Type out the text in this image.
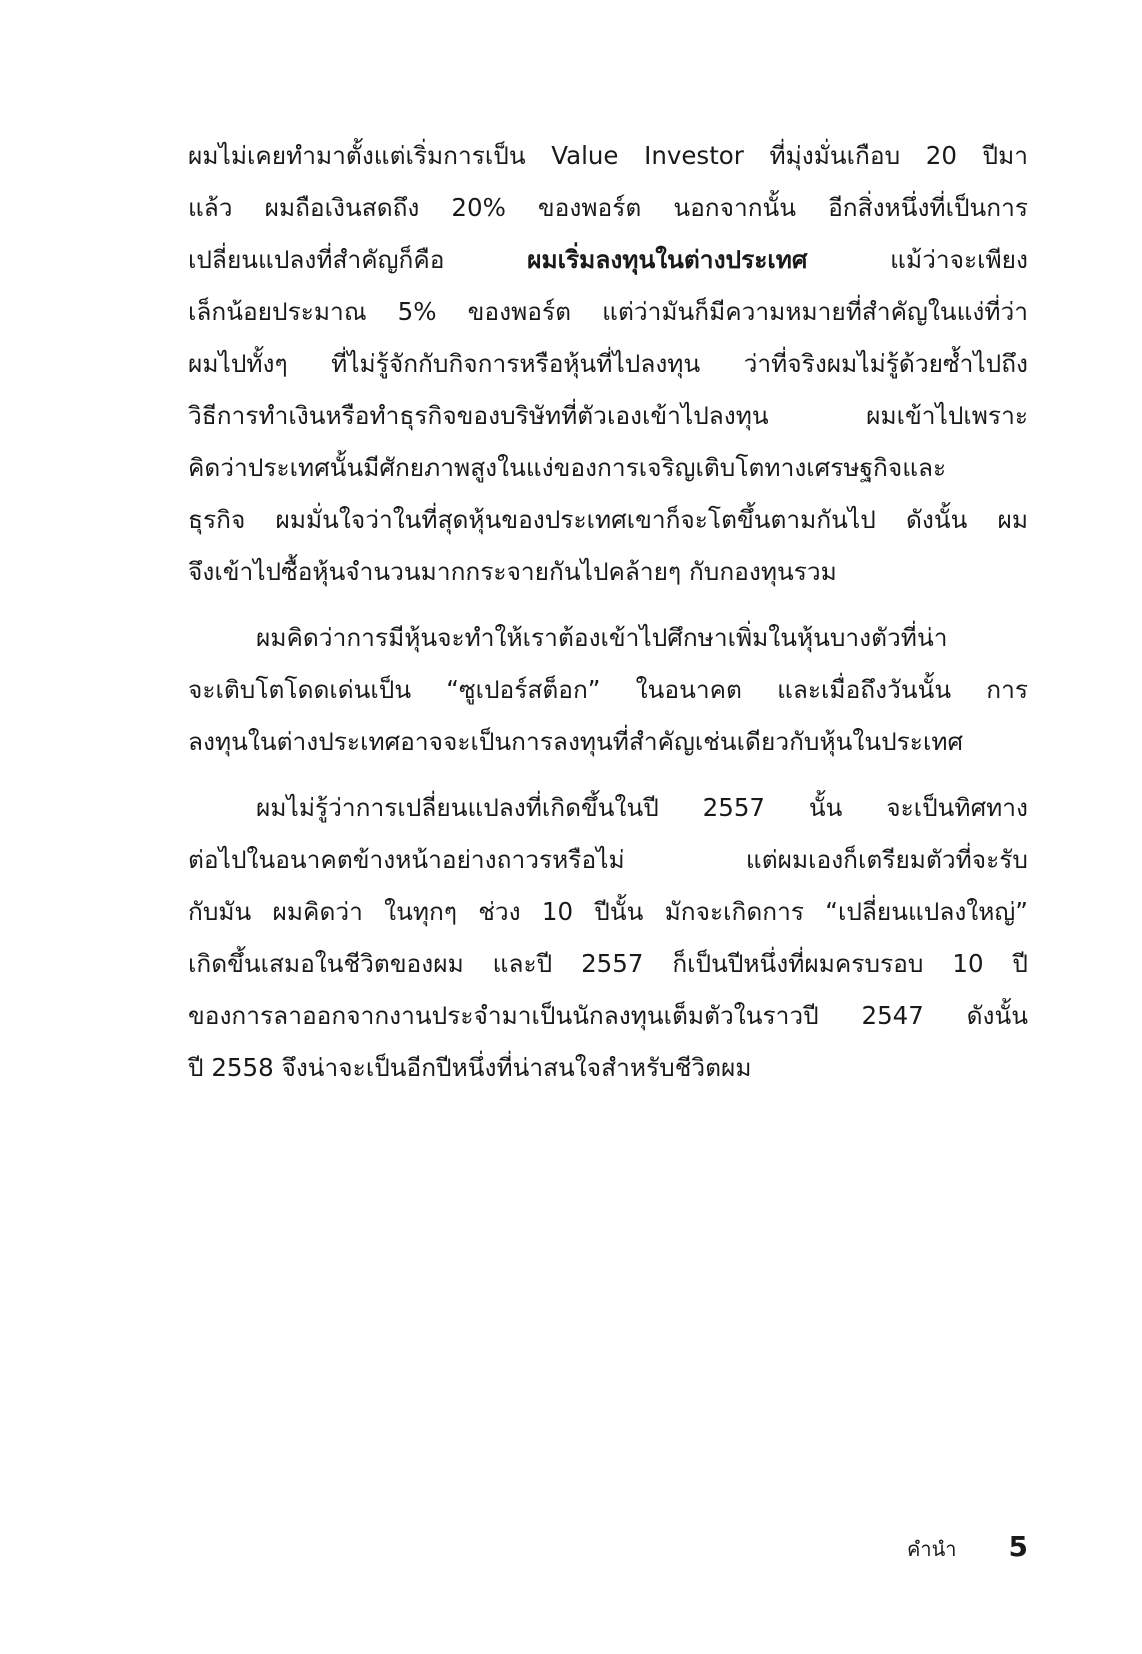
ผมไม่เคยทำมาตั้งแต่เริ่มการเป็น Value Investor ที่มุ่งมั่นเกือบ 20 ปีมา
แล้ว ผมถือเงินสดถึง 20% ของพอร์ต นอกจากนั้น อีกสิ่งหนึ่งที่เป็นการ
เปลี่ยนแปลงที่สำคัญก็คือ ผมเริ่มลงทุนในต่างประเทศ แม้ว่าจะเพียง
เล็กน้อยประมาณ 5% ของพอร์ต แต่ว่ามันก็มีความหมายที่สำคัญในแง่ที่ว่า
ผมไปทั้งๆ ที่ไม่รู้จักกับกิจการหรือหุ้นที่ไปลงทุน ว่าที่จริงผมไม่รู้ด้วยซ้ำไปถึง
วิธีการทำเงินหรือทำธุรกิจของบริษัทที่ตัวเองเข้าไปลงทุน ผมเข้าไปเพราะ
คิดว่าประเทศนั้นมีศักยภาพสูงในแง่ของการเจริญเติบโตทางเศรษฐกิจและ
ธุรกิจ ผมมั่นใจว่าในที่สุดหุ้นของประเทศเขาก็จะโตขึ้นตามกันไป ดังนั้น ผม
จึงเข้าไปซื้อหุ้นจำนวนมากกระจายกันไปคล้ายๆ กับกองทุนรวม
ผมคิดว่าการมีหุ้นจะทำให้เราต้องเข้าไปศึกษาเพิ่มในหุ้นบางตัวที่น่า
จะเติบโตโดดเด่นเป็น “ซูเปอร์สต็อก” ในอนาคต และเมื่อถึงวันนั้น การ
ลงทุนในต่างประเทศอาจจะเป็นการลงทุนที่สำคัญเช่นเดียวกับหุ้นในประเทศ
ผมไม่รู้ว่าการเปลี่ยนแปลงที่เกิดขึ้นในปี 2557 นั้น จะเป็นทิศทาง
ต่อไปในอนาคตข้างหน้าอย่างถาวรหรือไม่ แต่ผมเองก็เตรียมตัวที่จะรับ
กับมัน ผมคิดว่า ในทุกๆ ช่วง 10 ปีนั้น มักจะเกิดการ “เปลี่ยนแปลงใหญ่”
เกิดขึ้นเสมอในชีวิตของผม และปี 2557 ก็เป็นปีหนึ่งที่ผมครบรอบ 10 ปี
ของการลาออกจากงานประจำมาเป็นนักลงทุนเต็มตัวในราวปี 2547 ดังนั้น
ปี 2558 จึงน่าจะเป็นอีกปีหนึ่งที่น่าสนใจสำหรับชีวิตผม
คำนำ 5
